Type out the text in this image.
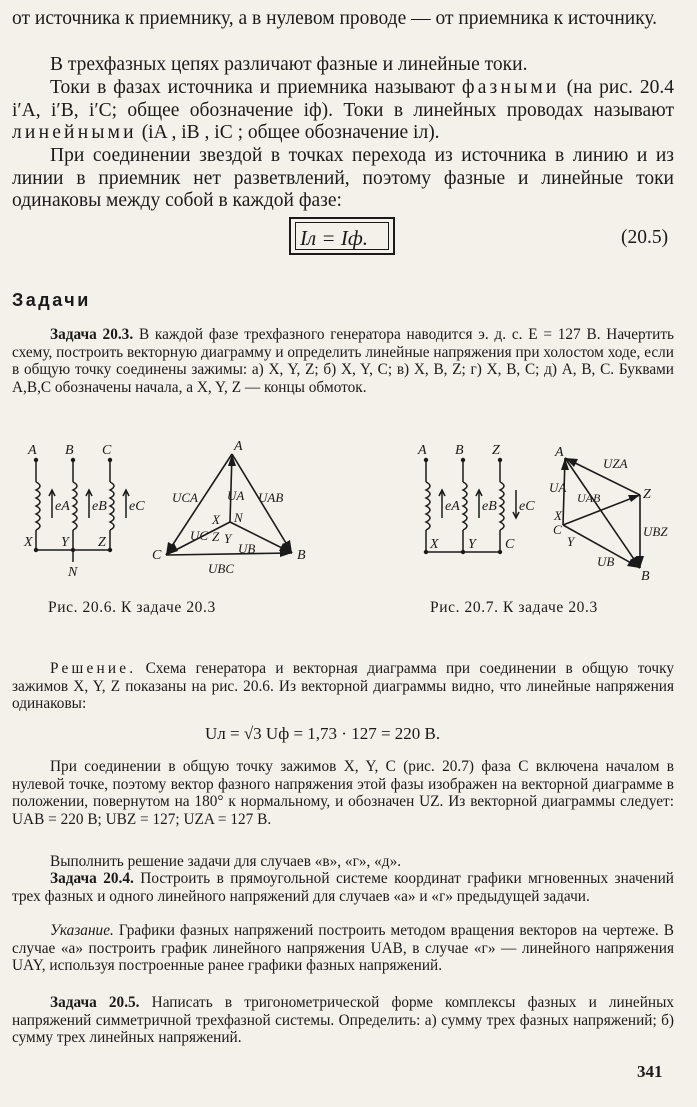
от источника к приемнику, а в нулевом проводе — от приемника к источнику.

В трехфазных цепях различают фазные и линейные токи.

Токи в фазах источника и приемника называют фазными (на рис. 20.4 i′A, i′B, i′C; общее обозначение iф). Токи в линейных проводах называют линейными (iA , iB , iC ; общее обозначение iл).

При соединении звездой в точках перехода из источника в линию и из линии в приемник нет разветвлений, поэтому фазные и линейные токи одинаковы между собой в каждой фазе:

Iл = Iф.	(20.5)
Задачи

Задача 20.3. В каждой фазе трехфазного генератора наводится э. д. с. E = 127 В. Начертить схему, построить векторную диаграмму и определить линейные напряжения при холостом ходе, если в общую точку соединены зажимы: а) X, Y, Z; б) X, Y, C; в) X, B, Z; г) X, B, C; д) A, B, C. Буквами A,B,C обозначены начала, а X, Y, Z — концы обмоток.

A B C
X Y Z
N
eA eB eC
A
B
C
X N
Z Y
UCA	UAB
UBC
UA
UC
UB
Рис. 20.6. К задаче 20.3
A B Z
X Y C
eA eB eC
A
UZA
Z
UA
UAB
X
C
Y
UBZ
UB
B
Рис. 20.7. К задаче 20.3

Решение. Схема генератора и векторная диаграмма при соединении в общую точку зажимов X, Y, Z показаны на рис. 20.6. Из векторной диаграммы видно, что линейные напряжения одинаковы:

Uл = √3 Uф = 1,73 · 127 = 220 В.

При соединении в общую точку зажимов X, Y, C (рис. 20.7) фаза C включена началом в нулевой точке, поэтому вектор фазного напряжения этой фазы изображен на векторной диаграмме в положении, повернутом на 180° к нормальному, и обозначен UZ. Из векторной диаграммы следует: UAB = 220 В; UBZ = 127; UZA = 127 В.

Выполнить решение задачи для случаев «в», «г», «д».

Задача 20.4. Построить в прямоугольной системе координат графики мгновенных значений трех фазных и одного линейного напряжений для случаев «а» и «г» предыдущей задачи.

Указание. Графики фазных напряжений построить методом вращения векторов на чертеже. В случае «а» построить график линейного напряжения UAB, в случае «г» — линейного напряжения UAY, используя построенные ранее графики фазных напряжений.

Задача 20.5. Написать в тригонометрической форме комплексы фазных и линейных напряжений симметричной трехфазной системы. Определить: а) сумму трех фазных напряжений; б) сумму трех линейных напряжений.

341
